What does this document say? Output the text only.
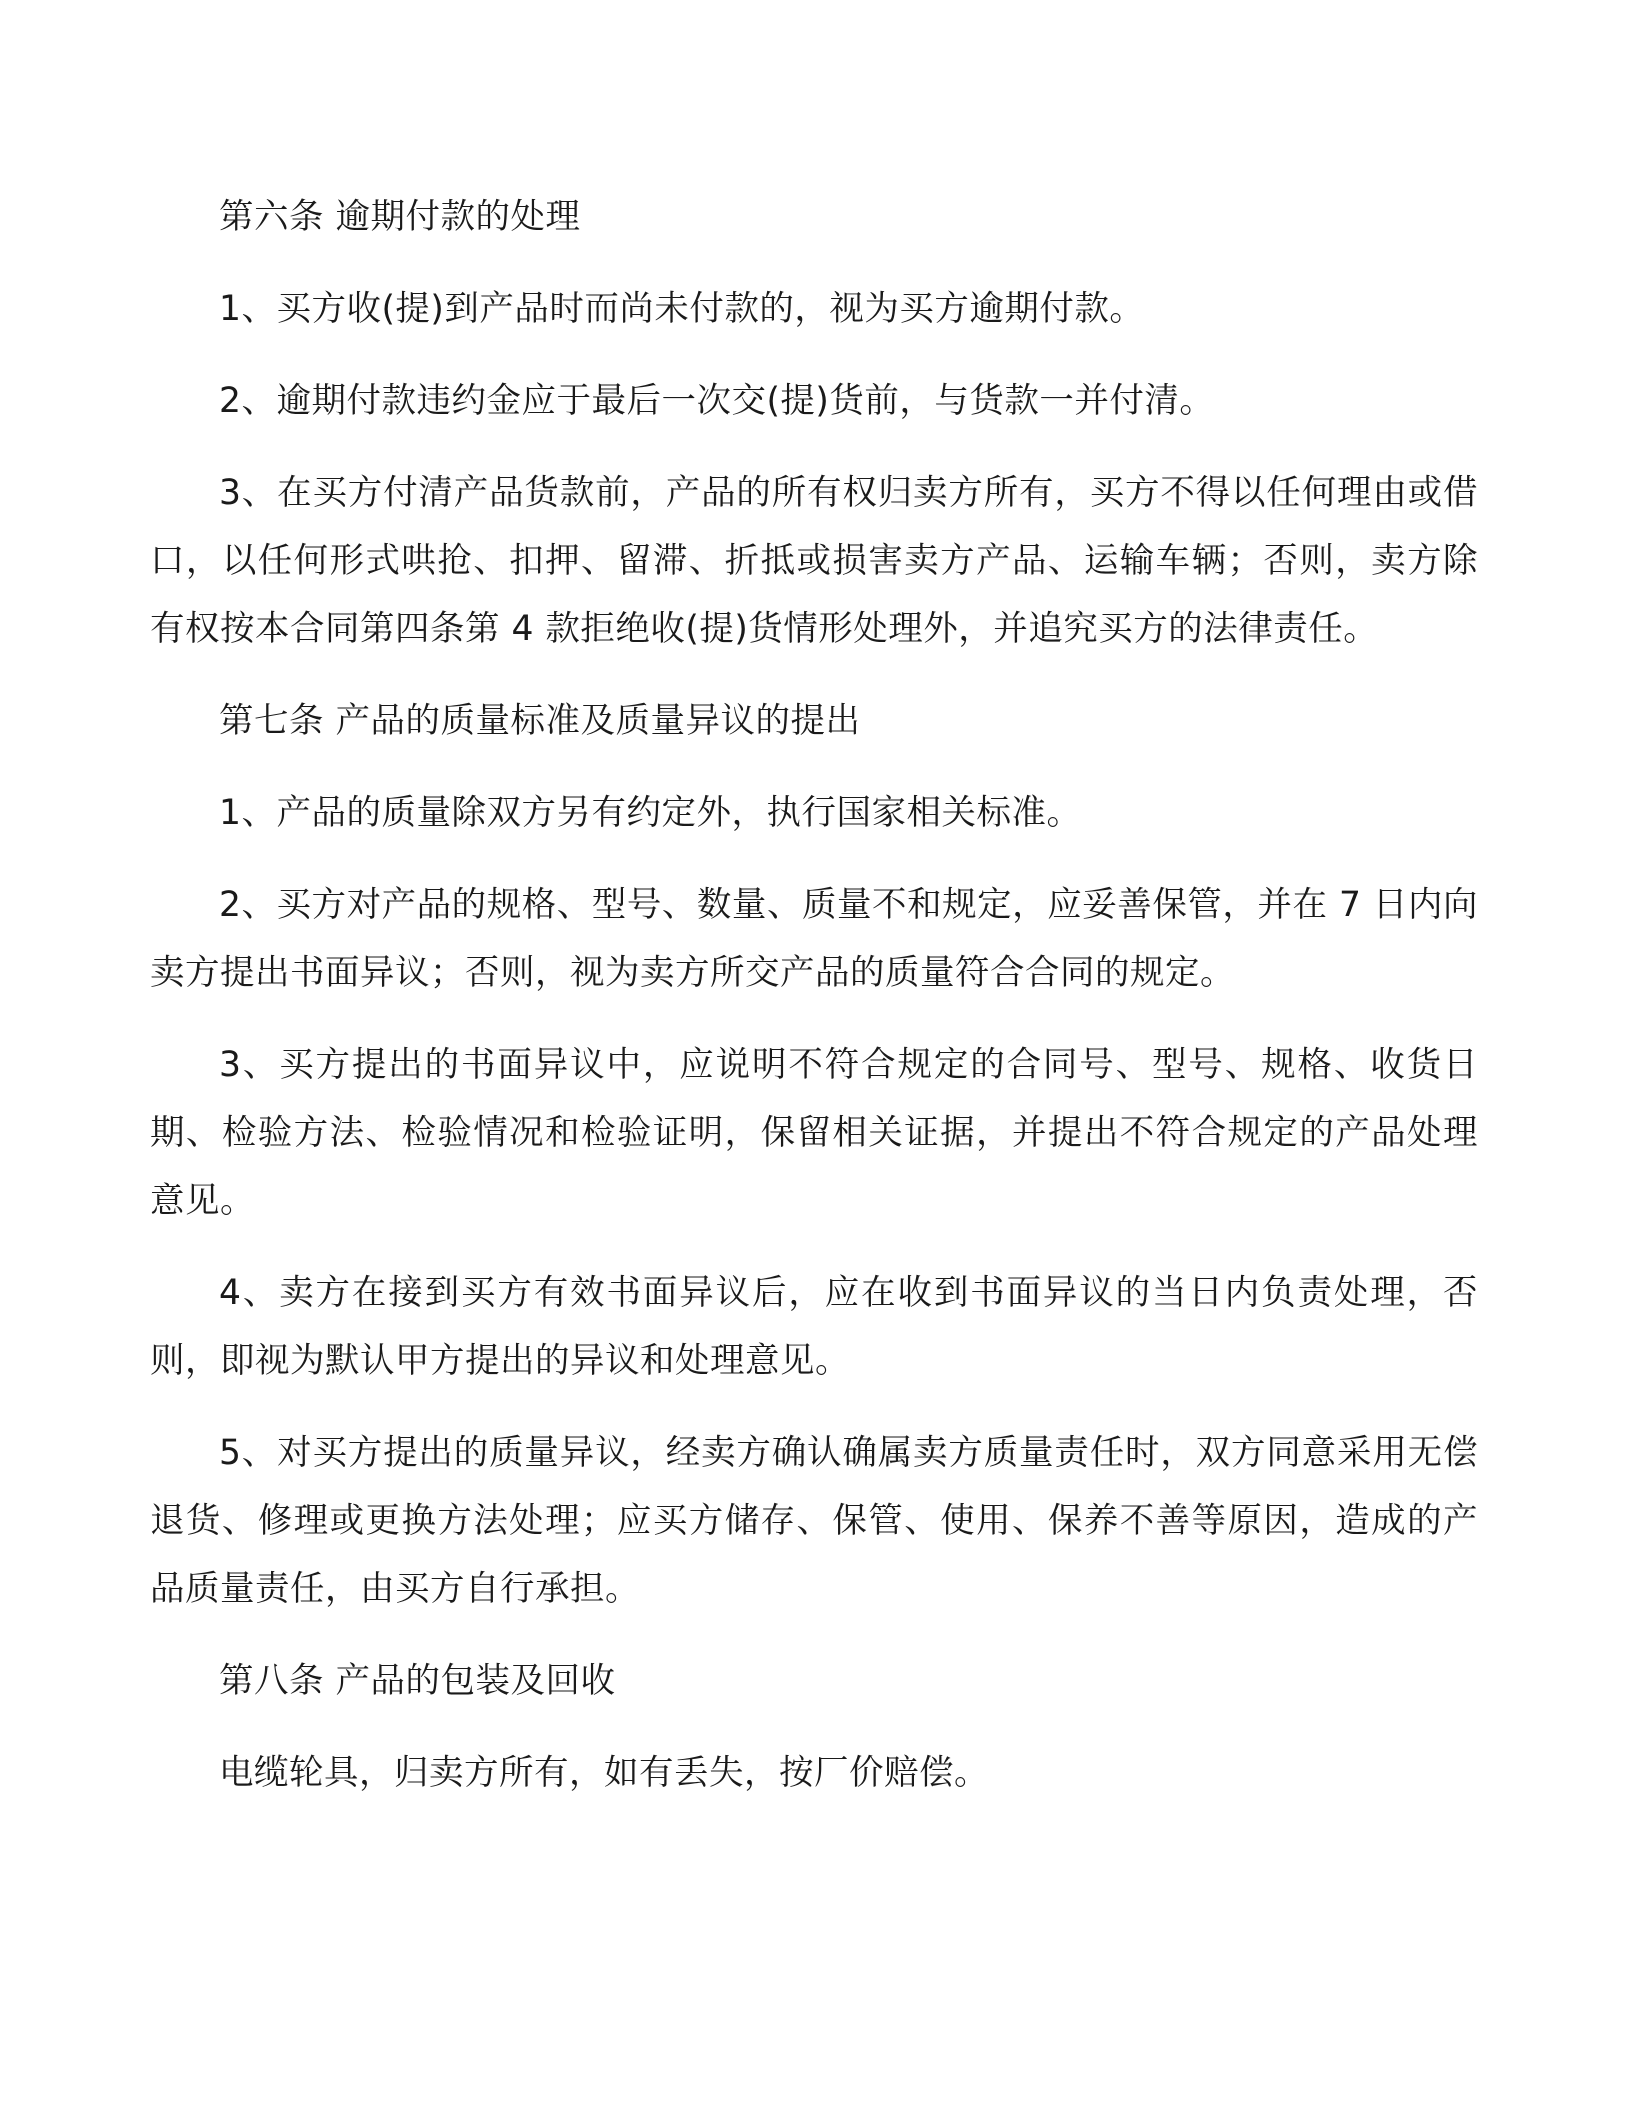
第六条 逾期付款的处理

1、买方收(提)到产品时而尚未付款的，视为买方逾期付款。

2、逾期付款违约金应于最后一次交(提)货前，与货款一并付清。

3、在买方付清产品货款前，产品的所有权归卖方所有，买方不得以任何理由或借口，以任何形式哄抢、扣押、留滞、折抵或损害卖方产品、运输车辆；否则，卖方除有权按本合同第四条第 4 款拒绝收(提)货情形处理外，并追究买方的法律责任。

第七条 产品的质量标准及质量异议的提出

1、产品的质量除双方另有约定外，执行国家相关标准。

2、买方对产品的规格、型号、数量、质量不和规定，应妥善保管，并在 7 日内向卖方提出书面异议；否则，视为卖方所交产品的质量符合合同的规定。

3、买方提出的书面异议中，应说明不符合规定的合同号、型号、规格、收货日期、检验方法、检验情况和检验证明，保留相关证据，并提出不符合规定的产品处理意见。

4、卖方在接到买方有效书面异议后，应在收到书面异议的当日内负责处理，否则，即视为默认甲方提出的异议和处理意见。

5、对买方提出的质量异议，经卖方确认确属卖方质量责任时，双方同意采用无偿退货、修理或更换方法处理；应买方储存、保管、使用、保养不善等原因，造成的产品质量责任，由买方自行承担。

第八条 产品的包装及回收

电缆轮具，归卖方所有，如有丢失，按厂价赔偿。
